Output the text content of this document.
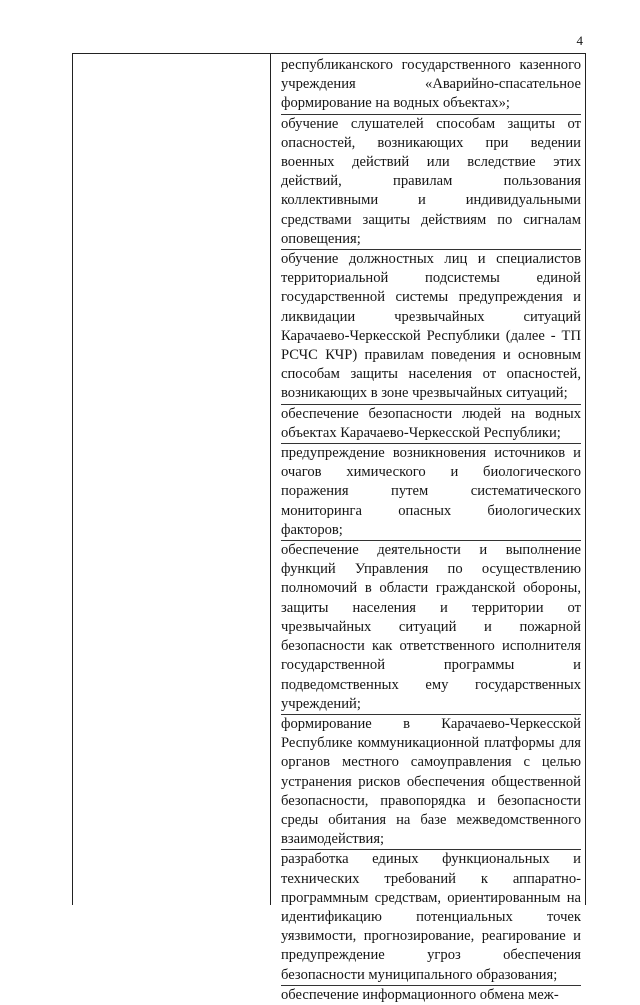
4

республиканского государственного казенного учреждения «Аварийно-спасательное формирование на водных объектах»;

обучение слушателей способам защиты от опасностей, возникающих при ведении военных действий или вследствие этих действий, правилам пользования коллективными и индивидуальными средствами защиты действиям по сигналам оповещения;

обучение должностных лиц и специалистов территориальной подсистемы единой государственной системы предупреждения и ликвидации чрезвычайных ситуаций Карачаево-Черкесской Республики (далее - ТП РСЧС КЧР) правилам поведения и основным способам защиты населения от опасностей, возникающих в зоне чрезвычайных ситуаций;

обеспечение безопасности людей на водных объектах Карачаево-Черкесской Республики;

предупреждение возникновения источников и очагов химического и биологического поражения путем систематического мониторинга опасных биологических факторов;

обеспечение деятельности и выполнение функций Управления по осуществлению полномочий в области гражданской обороны, защиты населения и территории от чрезвычайных ситуаций и пожарной безопасности как ответственного исполнителя государственной программы и подведомственных ему государственных учреждений;

формирование в Карачаево-Черкесской Республике коммуникационной платформы для органов местного самоуправления с целью устранения рисков обеспечения общественной безопасности, правопорядка и безопасности среды обитания на базе межведомственного взаимодействия;

разработка единых функциональных и технических требований к аппаратно-программным средствам, ориентированным на идентификацию потенциальных точек уязвимости, прогнозирование, реагирование и предупреждение угроз обеспечения безопасности муниципального образования;

обеспечение информационного обмена меж-
